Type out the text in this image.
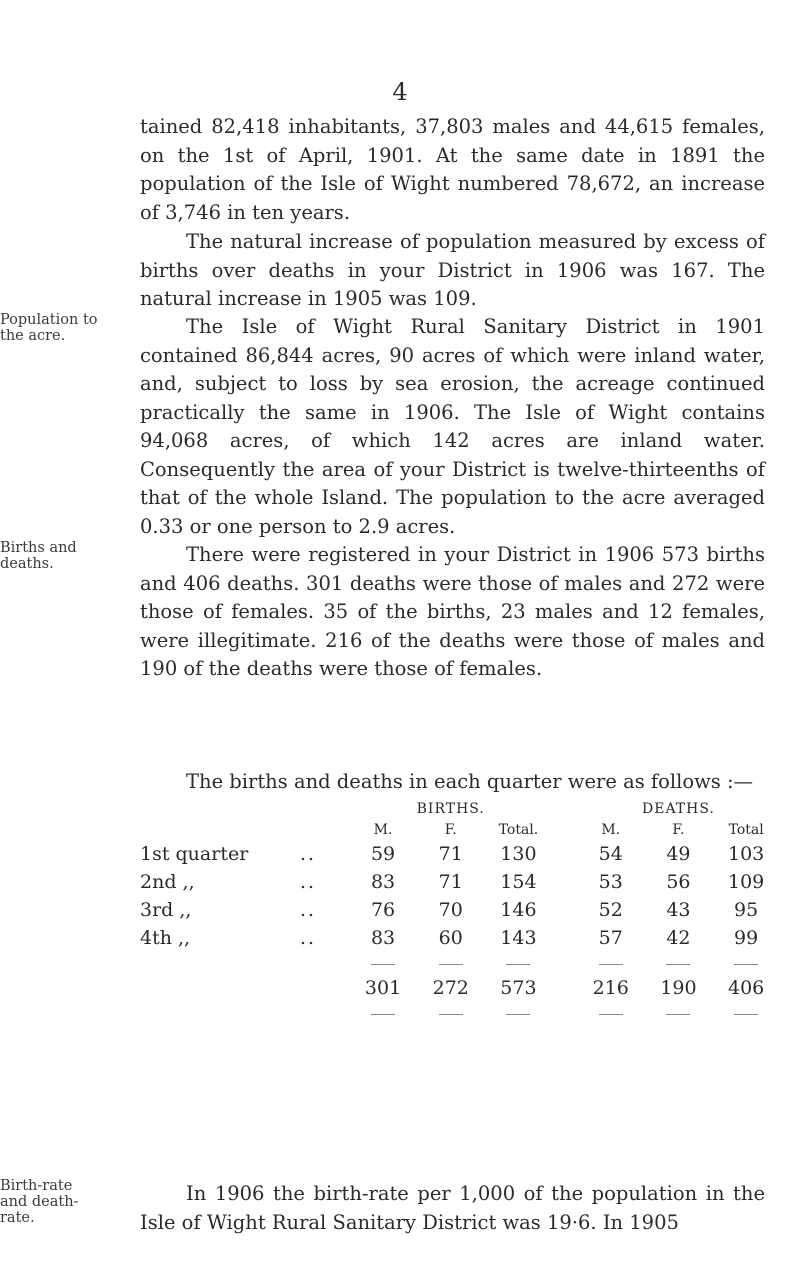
4
tained 82,418 inhabitants, 37,803 males and 44,615 females, on the 1st of April, 1901. At the same date in 1891 the population of the Isle of Wight numbered 78,672, an increase of 3,746 in ten years.
The natural increase of population measured by excess of births over deaths in your District in 1906 was 167. The natural increase in 1905 was 109.
Population to the acre.	The Isle of Wight Rural Sanitary District in 1901 contained 86,844 acres, 90 acres of which were inland water, and, subject to loss by sea erosion, the acreage continued practically the same in 1906. The Isle of Wight contains 94,068 acres, of which 142 acres are inland water. Consequently the area of your District is twelve-thirteenths of that of the whole Island. The population to the acre averaged 0.33 or one person to 2.9 acres.
Births and deaths.	There were registered in your District in 1906 573 births and 406 deaths. 301 deaths were those of males and 272 were those of females. 35 of the births, 23 males and 12 females, were illegitimate. 216 of the deaths were those of males and 190 of the deaths were those of females.
The births and deaths in each quarter were as follows :—
		BIRTHS.				DEATHS.		
		M.	F.	Total.		M.	F.	Total
1st quarter	..	59	71	130		54	49	103
2nd ,,	..	83	71	154		53	56	109
3rd ,,	..	76	70	146		52	43	95
4th ,,	..	83	60	143		57	42	99

		301	272	573		216	190	406

Birth-rate and death-rate.
In 1906 the birth-rate per 1,000 of the population in the Isle of Wight Rural Sanitary District was 19·6. In 1905
